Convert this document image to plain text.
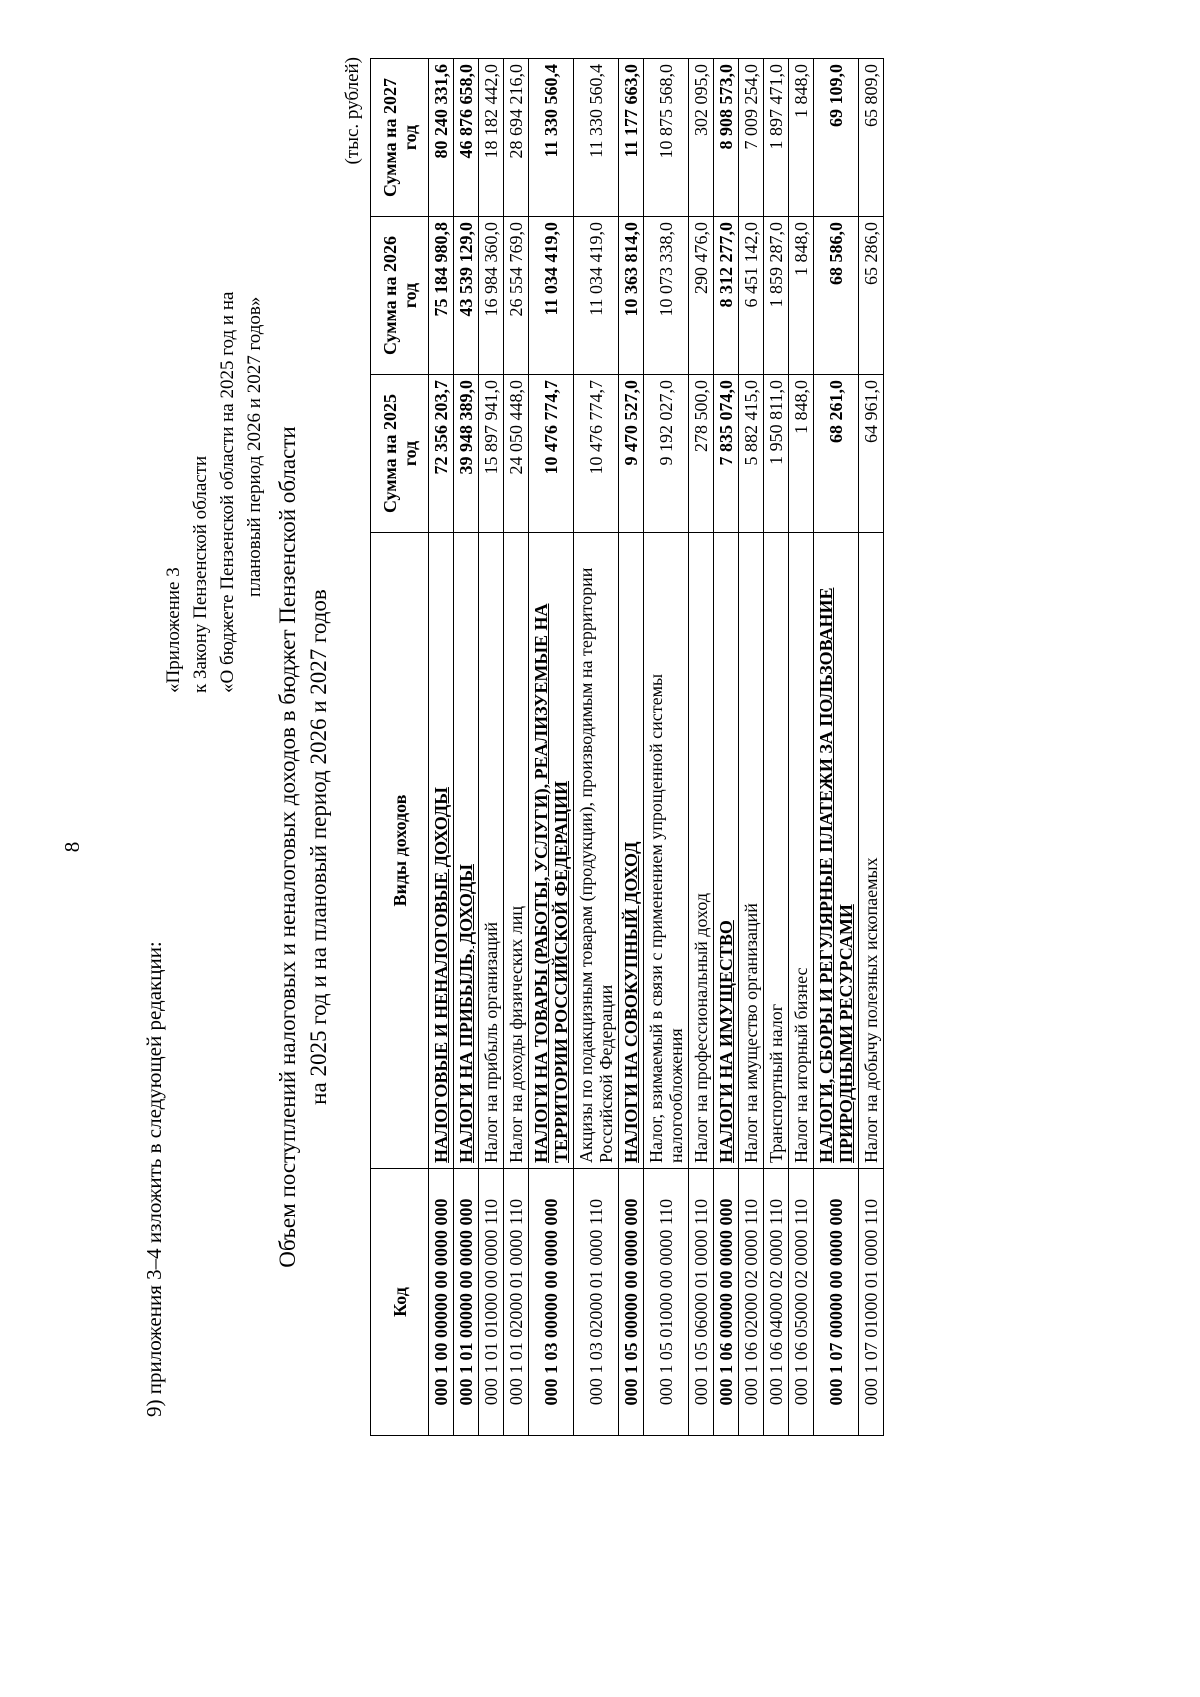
8
9) приложения 3–4 изложить в следующей редакции:
«Приложение 3 к Закону Пензенской области «О бюджете Пензенской области на 2025 год и на плановый период 2026 и 2027 годов» Объем поступлений налоговых и неналоговых доходов в бюджет Пензенской области на 2025 год и на плановый период 2026 и 2027 годов
(тыс. рублей)
Код	Виды доходов	Сумма на 2025 год	Сумма на 2026 год	Сумма на 2027 год
000 1 00 00000 00 0000 000	НАЛОГОВЫЕ И НЕНАЛОГОВЫЕ ДОХОДЫ	72 356 203,7	75 184 980,8	80 240 331,6
000 1 01 00000 00 0000 000	НАЛОГИ НА ПРИБЫЛЬ, ДОХОДЫ	39 948 389,0	43 539 129,0	46 876 658,0
000 1 01 01000 00 0000 110	Налог на прибыль организаций	15 897 941,0	16 984 360,0	18 182 442,0
000 1 01 02000 01 0000 110	Налог на доходы физических лиц	24 050 448,0	26 554 769,0	28 694 216,0
000 1 03 00000 00 0000 000	НАЛОГИ НА ТОВАРЫ (РАБОТЫ, УСЛУГИ), РЕАЛИЗУЕМЫЕ НА ТЕРРИТОРИИ РОССИЙСКОЙ ФЕДЕРАЦИИ	10 476 774,7	11 034 419,0	11 330 560,4
000 1 03 02000 01 0000 110	Акцизы по подакцизным товарам (продукции), производимым на территории Российской Федерации	10 476 774,7	11 034 419,0	11 330 560,4
000 1 05 00000 00 0000 000	НАЛОГИ НА СОВОКУПНЫЙ ДОХОД	9 470 527,0	10 363 814,0	11 177 663,0
000 1 05 01000 00 0000 110	Налог, взимаемый в связи с применением упрощенной системы налогообложения	9 192 027,0	10 073 338,0	10 875 568,0
000 1 05 06000 01 0000 110	Налог на профессиональный доход	278 500,0	290 476,0	302 095,0
000 1 06 00000 00 0000 000	НАЛОГИ НА ИМУЩЕСТВО	7 835 074,0	8 312 277,0	8 908 573,0
000 1 06 02000 02 0000 110	Налог на имущество организаций	5 882 415,0	6 451 142,0	7 009 254,0
000 1 06 04000 02 0000 110	Транспортный налог	1 950 811,0	1 859 287,0	1 897 471,0
000 1 06 05000 02 0000 110	Налог на игорный бизнес	1 848,0	1 848,0	1 848,0
000 1 07 00000 00 0000 000	НАЛОГИ, СБОРЫ И РЕГУЛЯРНЫЕ ПЛАТЕЖИ ЗА ПОЛЬЗОВАНИЕ ПРИРОДНЫМИ РЕСУРСАМИ	68 261,0	68 586,0	69 109,0
000 1 07 01000 01 0000 110	Налог на добычу полезных ископаемых	64 961,0	65 286,0	65 809,0
